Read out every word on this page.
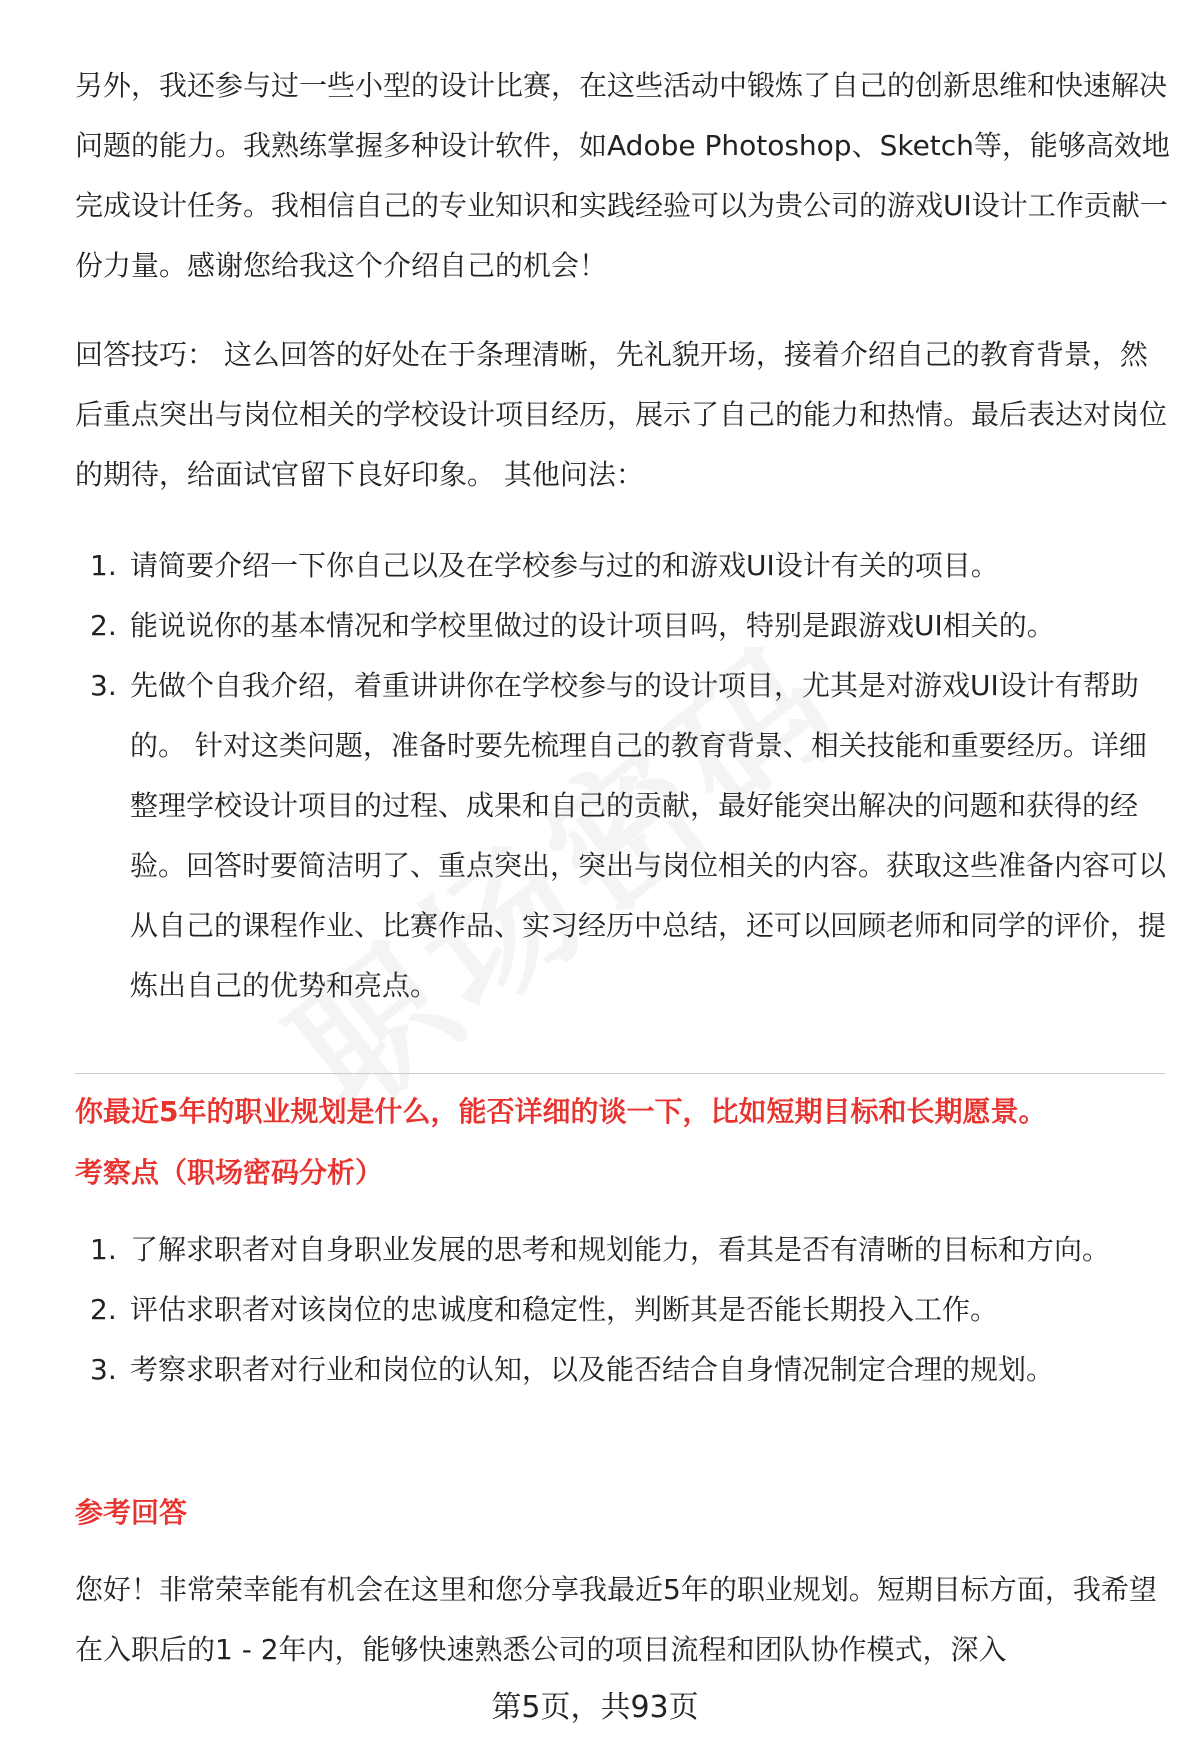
另外，我还参与过一些小型的设计比赛，在这些活动中锻炼了自己的创新思维和快速解决问题的能力。我熟练掌握多种设计软件，如Adobe Photoshop、Sketch等，能够高效地完成设计任务。我相信自己的专业知识和实践经验可以为贵公司的游戏UI设计工作贡献一份力量。感谢您给我这个介绍自己的机会！

回答技巧： 这么回答的好处在于条理清晰，先礼貌开场，接着介绍自己的教育背景，然后重点突出与岗位相关的学校设计项目经历，展示了自己的能力和热情。最后表达对岗位的期待，给面试官留下良好印象。 其他问法：

1. 请简要介绍一下你自己以及在学校参与过的和游戏UI设计有关的项目。
2. 能说说你的基本情况和学校里做过的设计项目吗，特别是跟游戏UI相关的。
3. 先做个自我介绍，着重讲讲你在学校参与的设计项目，尤其是对游戏UI设计有帮助的。 针对这类问题，准备时要先梳理自己的教育背景、相关技能和重要经历。详细整理学校设计项目的过程、成果和自己的贡献，最好能突出解决的问题和获得的经验。回答时要简洁明了、重点突出，突出与岗位相关的内容。获取这些准备内容可以从自己的课程作业、比赛作品、实习经历中总结，还可以回顾老师和同学的评价，提炼出自己的优势和亮点。

你最近5年的职业规划是什么，能否详细的谈一下，比如短期目标和长期愿景。

考察点（职场密码分析）

1. 了解求职者对自身职业发展的思考和规划能力，看其是否有清晰的目标和方向。
2. 评估求职者对该岗位的忠诚度和稳定性，判断其是否能长期投入工作。
3. 考察求职者对行业和岗位的认知，以及能否结合自身情况制定合理的规划。

参考回答

您好！非常荣幸能有机会在这里和您分享我最近5年的职业规划。短期目标方面，我希望在入职后的1 - 2年内，能够快速熟悉公司的项目流程和团队协作模式，深入

第5页，共93页
